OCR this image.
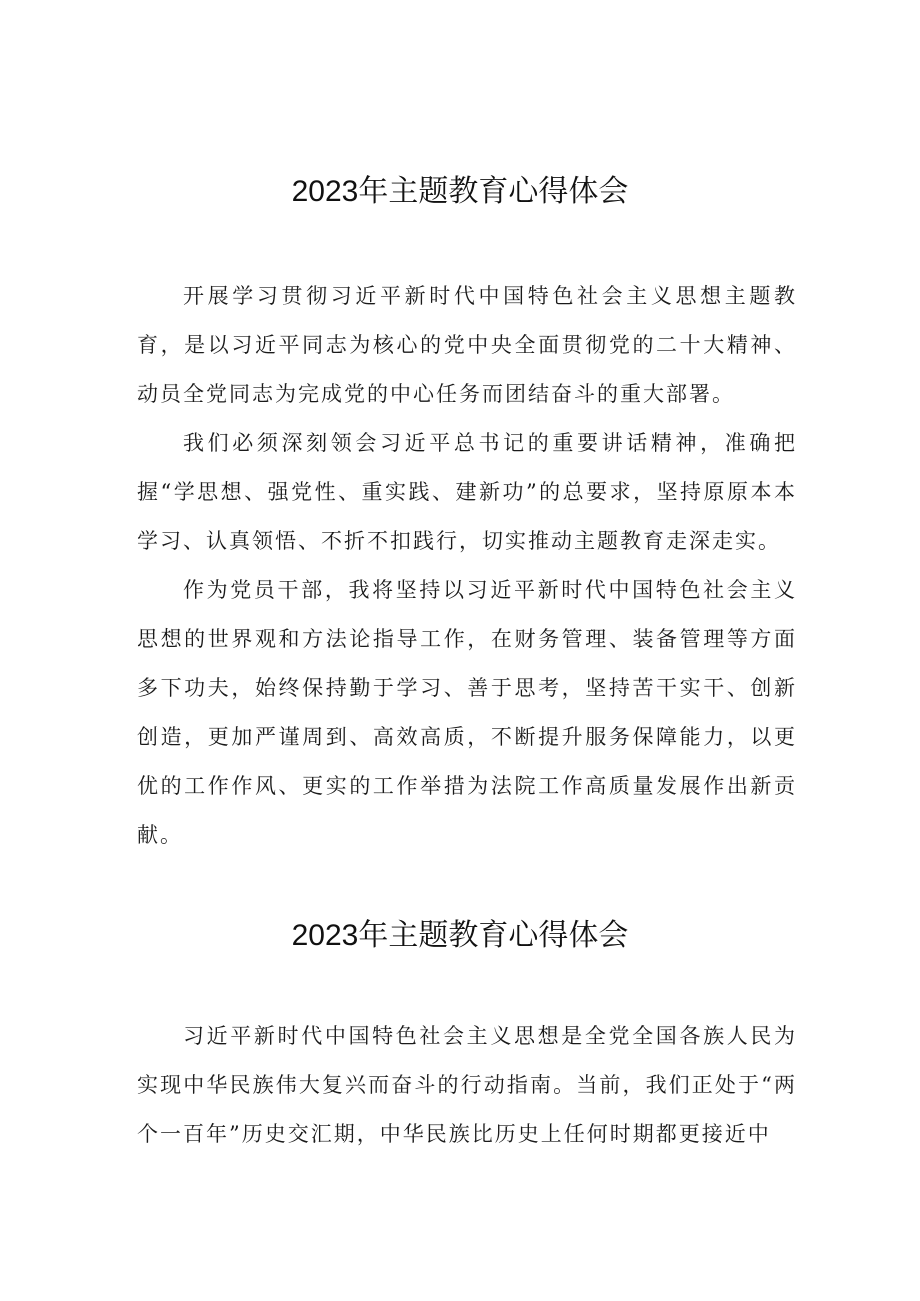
2023年主题教育心得体会

开展学习贯彻习近平新时代中国特色社会主义思想主题教育，是以习近平同志为核心的党中央全面贯彻党的二十大精神、动员全党同志为完成党的中心任务而团结奋斗的重大部署。

我们必须深刻领会习近平总书记的重要讲话精神，准确把握“学思想、强党性、重实践、建新功”的总要求，坚持原原本本学习、认真领悟、不折不扣践行，切实推动主题教育走深走实。

作为党员干部，我将坚持以习近平新时代中国特色社会主义思想的世界观和方法论指导工作，在财务管理、装备管理等方面多下功夫，始终保持勤于学习、善于思考，坚持苦干实干、创新创造，更加严谨周到、高效高质，不断提升服务保障能力，以更优的工作作风、更实的工作举措为法院工作高质量发展作出新贡献。

2023年主题教育心得体会

习近平新时代中国特色社会主义思想是全党全国各族人民为实现中华民族伟大复兴而奋斗的行动指南。当前，我们正处于“两个一百年”历史交汇期，中华民族比历史上任何时期都更接近中
